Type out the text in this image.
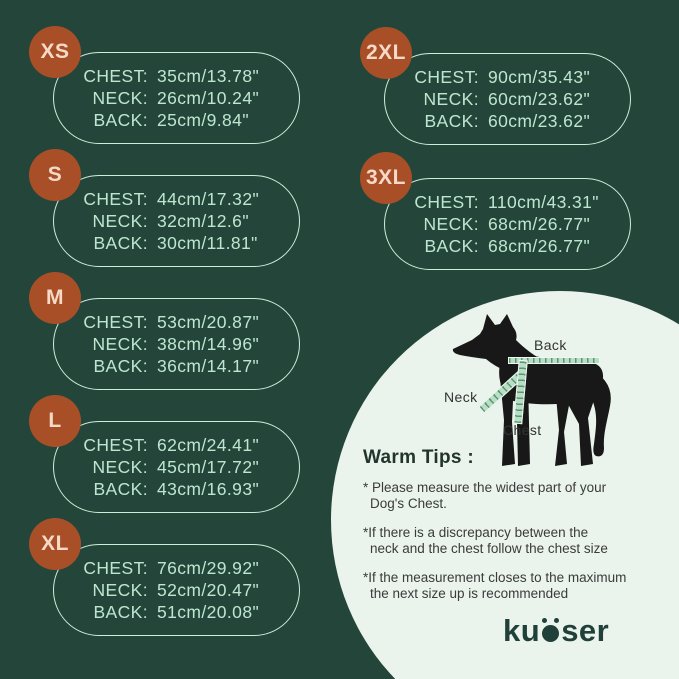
XS
CHEST: 35cm/13.78"
NECK: 26cm/10.24"
BACK: 25cm/9.84"
S
CHEST: 44cm/17.32"
NECK: 32cm/12.6"
BACK: 30cm/11.81"
M
CHEST: 53cm/20.87"
NECK: 38cm/14.96"
BACK: 36cm/14.17"
L
CHEST: 62cm/24.41"
NECK: 45cm/17.72"
BACK: 43cm/16.93"
XL
CHEST: 76cm/29.92"
NECK: 52cm/20.47"
BACK: 51cm/20.08"
2XL
CHEST: 90cm/35.43"
NECK: 60cm/23.62"
BACK: 60cm/23.62"
3XL
CHEST: 110cm/43.31"
NECK: 68cm/26.77"
BACK: 68cm/26.77"
Back
Neck
Chest
Warm Tips :
* Please measure the widest part of your
Dog's Chest.
*If there is a discrepancy between the
neck and the chest follow the chest size
*If the measurement closes to the maximum
the next size up is recommended
ku ser
